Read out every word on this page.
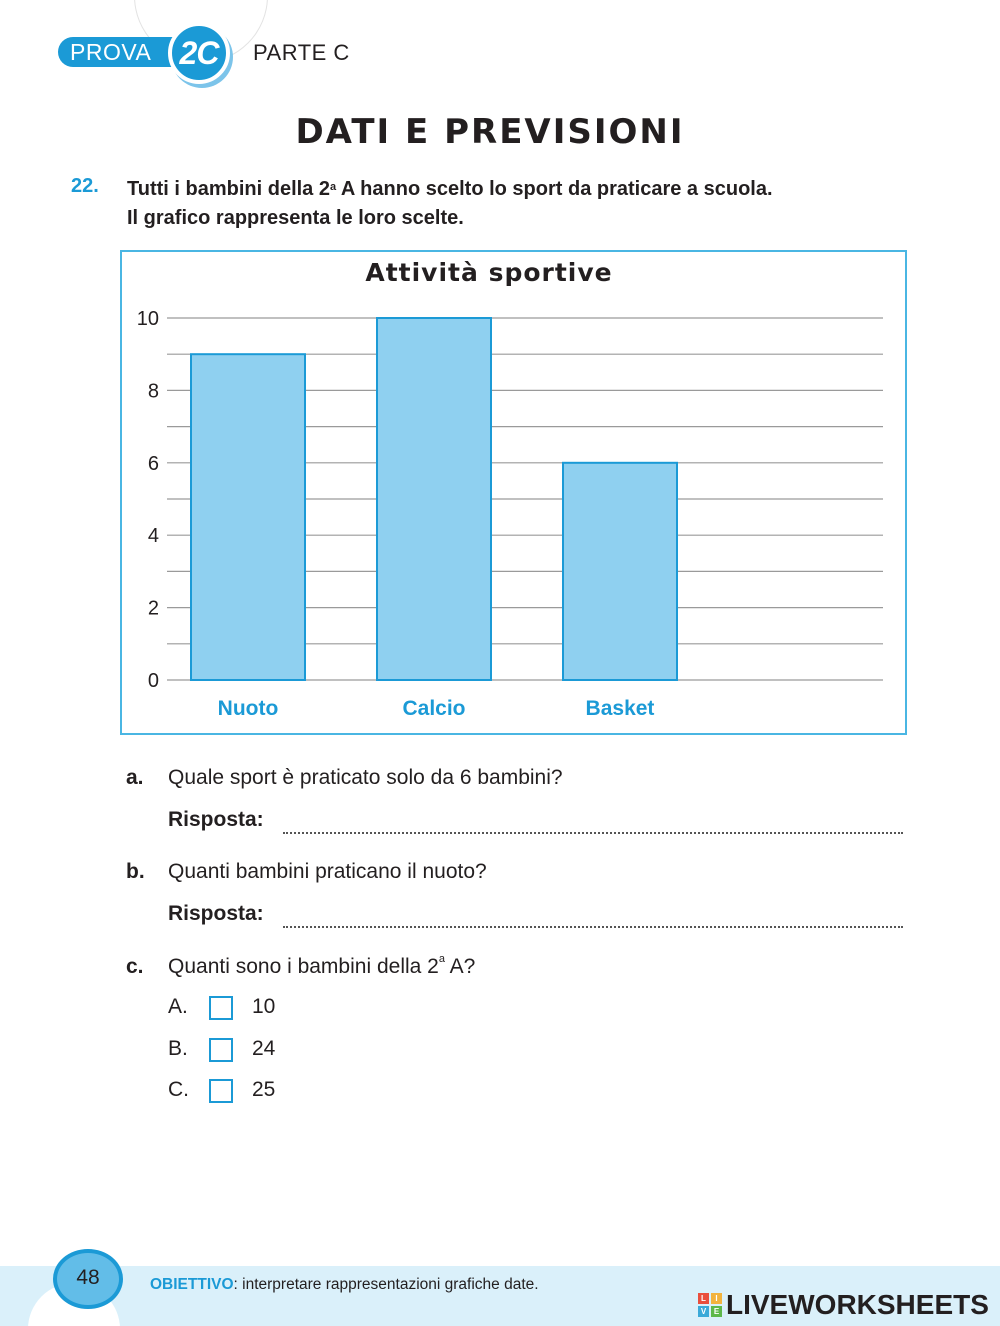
PROVA 2C	PARTE C
DATI E PREVISIONI
22. Tutti i bambini della 2$^a$ A hanno scelto lo sport da praticare a scuola.
Il grafico rappresenta le loro scelte.
Attività sportive
0
2
4
6
8
10
Nuoto	Calcio	Basket
a. Quale sport è praticato solo da 6 bambini?
Risposta:
b. Quanti bambini praticano il nuoto?
Risposta:
c. Quanti sono i bambini della 2$^a$ A?
A.	10
B.	24
C.	25
48	OBIETTIVO: interpretare rappresentazioni grafiche date.
L	I
V E LIVEWORKSHEETS
